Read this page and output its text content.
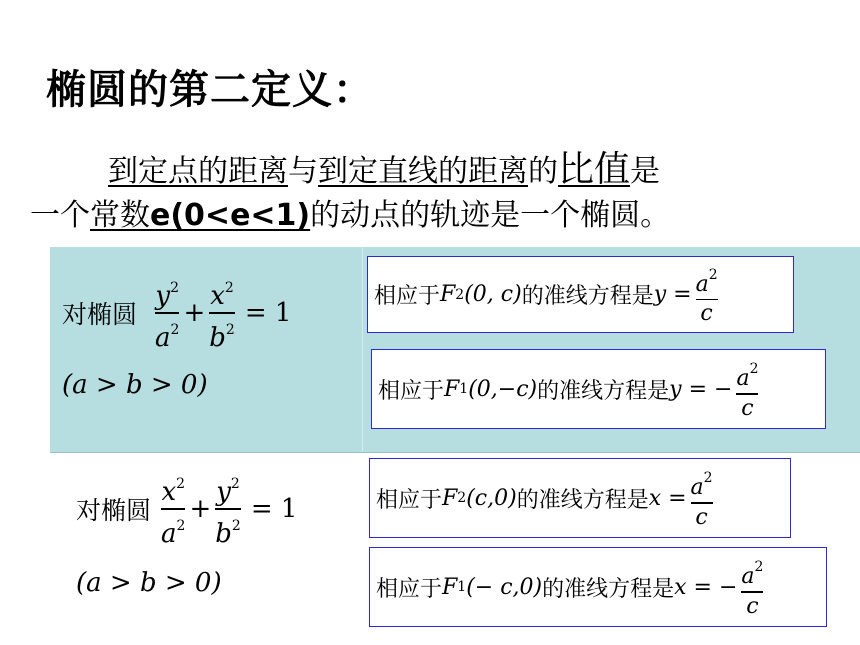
椭圆的第二定义：
到定点的距离与到定直线的距离的比值是
一个常数e(0<e<1)的动点的轨迹是一个椭圆。
对椭圆 $\frac{y^2}{a^2} + \frac{x^2}{b^2} = 1$
(a > b > 0)
相应于 F 2 (0, c) 的准线方程是 $y = \frac{a^2}{c}$
相应于 F 1 (0,−c) 的准线方程是 y = − $\frac{a^2}{c}$
对椭圆 $\frac{x^2}{a^2} + \frac{y^2}{b^2} = 1$
(a > b > 0)
相应于 F 2 (c,0) 的准线方程是 $x = \frac{a^2}{c}$
相应于 F 1 (− c,0) 的准线方程是 x = − $\frac{a^2}{c}$
